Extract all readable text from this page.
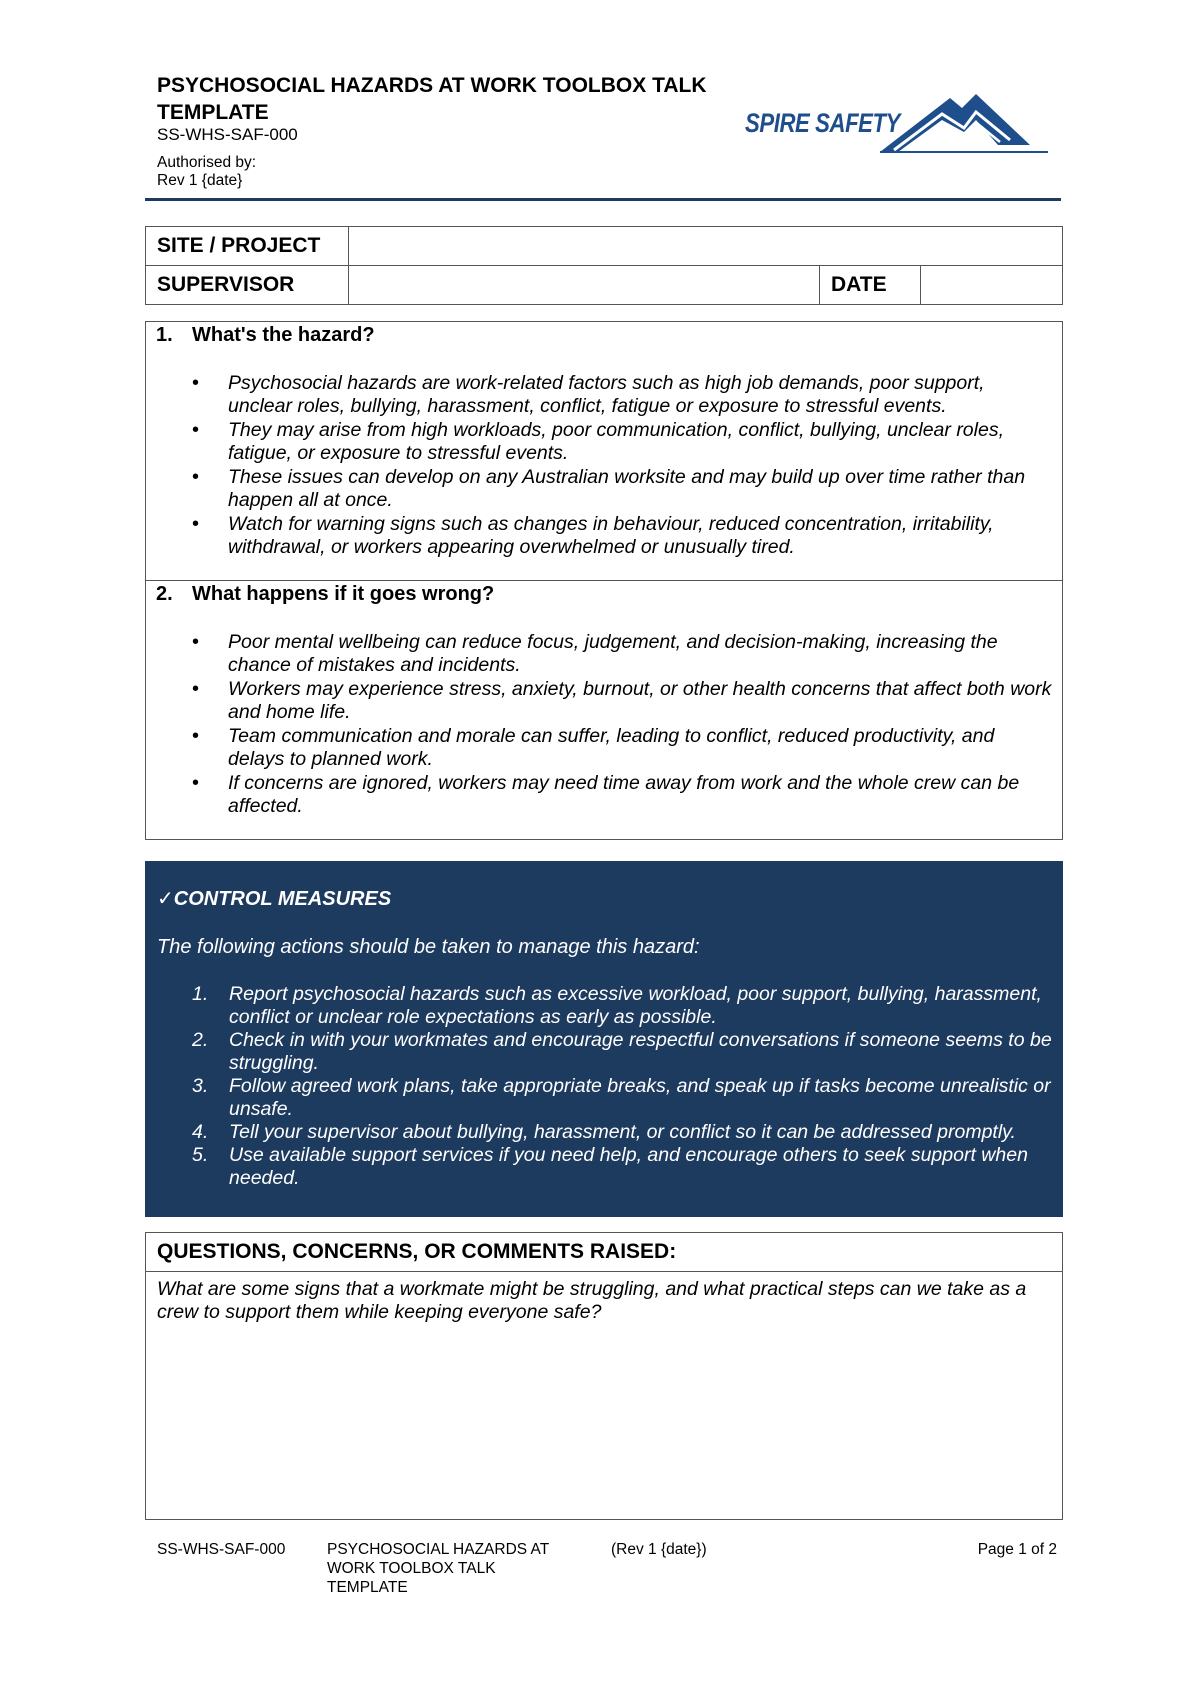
PSYCHOSOCIAL HAZARDS AT WORK TOOLBOX TALK TEMPLATE
SS-WHS-SAF-000
Authorised by:
Rev 1 {date}
SPIRE SAFETY
SITE / PROJECT			
SUPERVISOR		DATE	
1. What's the hazard?
• Psychosocial hazards are work-related factors such as high job demands, poor support, unclear roles, bullying, harassment, conflict, fatigue or exposure to stressful events.
• They may arise from high workloads, poor communication, conflict, bullying, unclear roles, fatigue, or exposure to stressful events.
• These issues can develop on any Australian worksite and may build up over time rather than happen all at once.
• Watch for warning signs such as changes in behaviour, reduced concentration, irritability, withdrawal, or workers appearing overwhelmed or unusually tired.
2. What happens if it goes wrong?
• Poor mental wellbeing can reduce focus, judgement, and decision-making, increasing the chance of mistakes and incidents.
• Workers may experience stress, anxiety, burnout, or other health concerns that affect both work and home life.
• Team communication and morale can suffer, leading to conflict, reduced productivity, and delays to planned work.
• If concerns are ignored, workers may need time away from work and the whole crew can be affected.
✓CONTROL MEASURES
The following actions should be taken to manage this hazard:
1. Report psychosocial hazards such as excessive workload, poor support, bullying, harassment, conflict or unclear role expectations as early as possible.
2. Check in with your workmates and encourage respectful conversations if someone seems to be struggling.
3. Follow agreed work plans, take appropriate breaks, and speak up if tasks become unrealistic or unsafe.
4. Tell your supervisor about bullying, harassment, or conflict so it can be addressed promptly.
5. Use available support services if you need help, and encourage others to seek support when needed.
QUESTIONS, CONCERNS, OR COMMENTS RAISED:
What are some signs that a workmate might be struggling, and what practical steps can we take as a crew to support them while keeping everyone safe?
SS-WHS-SAF-000	PSYCHOSOCIAL HAZARDS AT WORK TOOLBOX TALK TEMPLATE
(Rev 1 {date})	Page 1 of 2
